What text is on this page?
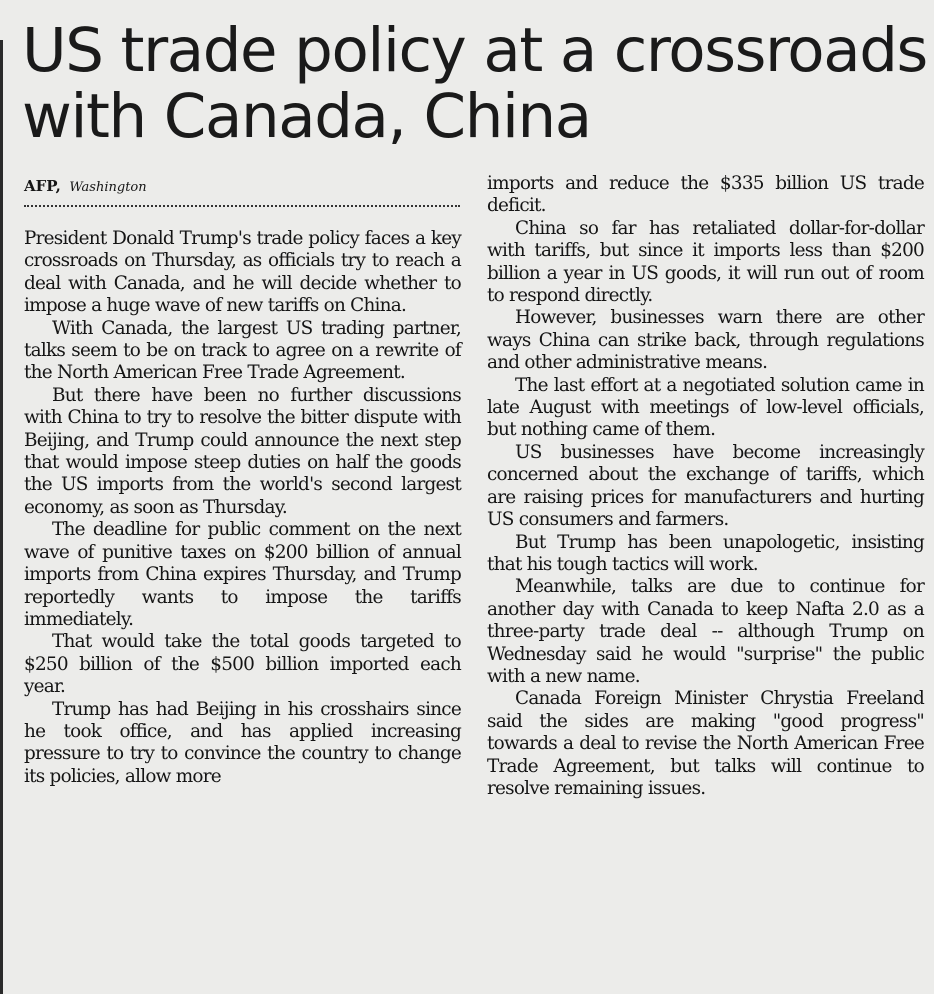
US trade policy at a crossroads with Canada, China
AFP, Washington

President Donald Trump's trade policy faces a key crossroads on Thursday, as officials try to reach a deal with Canada, and he will decide whether to impose a huge wave of new tariffs on China.

With Canada, the largest US trading partner, talks seem to be on track to agree on a rewrite of the North American Free Trade Agreement.

But there have been no further discussions with China to try to resolve the bitter dispute with Beijing, and Trump could announce the next step that would impose steep duties on half the goods the US imports from the world's second largest economy, as soon as Thursday.

The deadline for public comment on the next wave of punitive taxes on $200 billion of annual imports from China expires Thursday, and Trump reportedly wants to impose the tariffs immediately.

That would take the total goods targeted to $250 billion of the $500 billion imported each year.

Trump has had Beijing in his crosshairs since he took office, and has applied increasing pressure to try to convince the country to change its policies, allow more

imports and reduce the $335 billion US trade deficit.

China so far has retaliated dollar-for-dollar with tariffs, but since it imports less than $200 billion a year in US goods, it will run out of room to respond directly.

However, businesses warn there are other ways China can strike back, through regulations and other administrative means.

The last effort at a negotiated solution came in late August with meetings of low-level officials, but nothing came of them.

US businesses have become increasingly concerned about the exchange of tariffs, which are raising prices for manufacturers and hurting US consumers and farmers.

But Trump has been unapologetic, insisting that his tough tactics will work.

Meanwhile, talks are due to continue for another day with Canada to keep Nafta 2.0 as a three-party trade deal -- although Trump on Wednesday said he would "surprise" the public with a new name.

Canada Foreign Minister Chrystia Freeland said the sides are making "good progress" towards a deal to revise the North American Free Trade Agreement, but talks will continue to resolve remaining issues.
